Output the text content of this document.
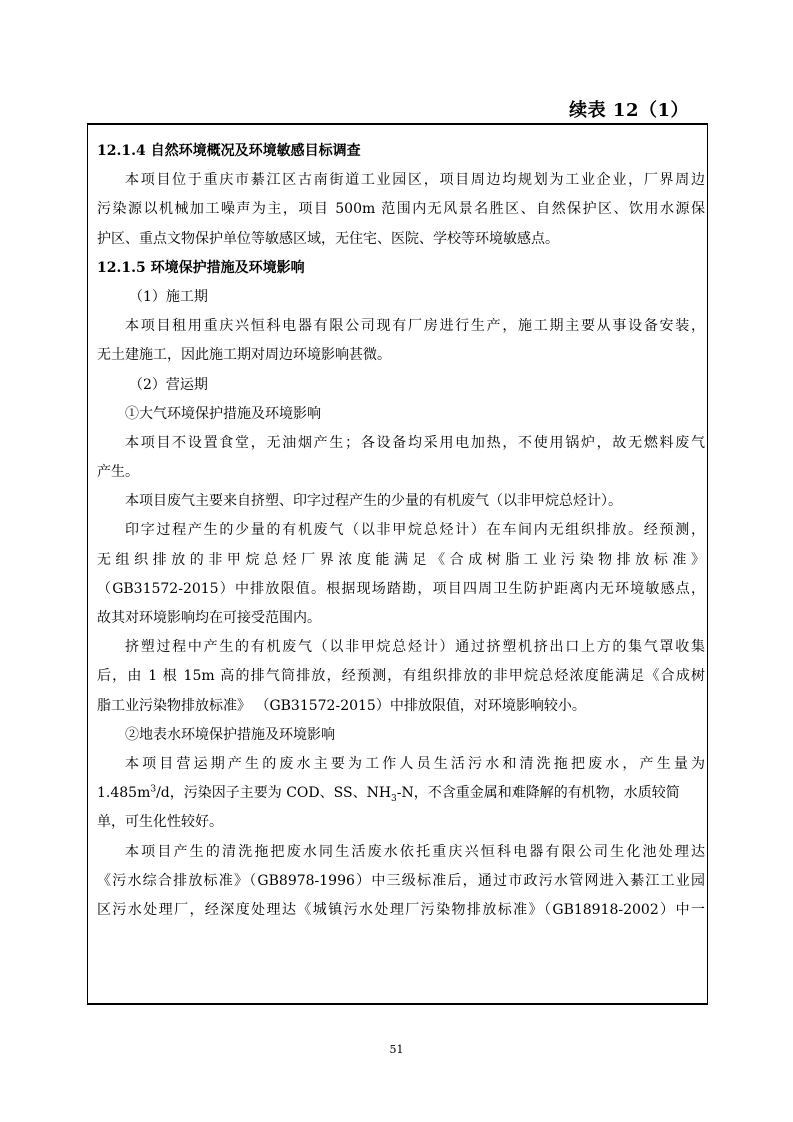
续表 12（1）
12.1.4 自然环境概况及环境敏感目标调查
本项目位于重庆市綦江区古南街道工业园区，项目周边均规划为工业企业，厂界周边
污染源以机械加工噪声为主，项目 500m 范围内无风景名胜区、自然保护区、饮用水源保
护区、重点文物保护单位等敏感区域，无住宅、医院、学校等环境敏感点。
12.1.5 环境保护措施及环境影响
（1）施工期
本项目租用重庆兴恒科电器有限公司现有厂房进行生产，施工期主要从事设备安装，
无土建施工，因此施工期对周边环境影响甚微。
（2）营运期
①大气环境保护措施及环境影响
本项目不设置食堂，无油烟产生；各设备均采用电加热，不使用锅炉，故无燃料废气
产生。
本项目废气主要来自挤塑、印字过程产生的少量的有机废气（以非甲烷总烃计）。
印字过程产生的少量的有机废气（以非甲烷总烃计）在车间内无组织排放。经预测，
无组织排放的非甲烷总烃厂界浓度能满足《合成树脂工业污染物排放标准》
（GB31572-2015）中排放限值。根据现场踏勘，项目四周卫生防护距离内无环境敏感点，
故其对环境影响均在可接受范围内。
挤塑过程中产生的有机废气（以非甲烷总烃计）通过挤塑机挤出口上方的集气罩收集
后，由 1 根 15m 高的排气筒排放，经预测，有组织排放的非甲烷总烃浓度能满足《合成树
脂工业污染物排放标准》 （GB31572-2015）中排放限值，对环境影响较小。
②地表水环境保护措施及环境影响
本项目营运期产生的废水主要为工作人员生活污水和清洗拖把废水，产生量为
$1.485m^3/d$，污染因子主要为 COD、SS、$NH_3-N$，不含重金属和难降解的有机物，水质较简
单，可生化性较好。
本项目产生的清洗拖把废水同生活废水依托重庆兴恒科电器有限公司生化池处理达
《污水综合排放标准》（GB8978-1996）中三级标准后，通过市政污水管网进入綦江工业园
区污水处理厂，经深度处理达《城镇污水处理厂污染物排放标准》（GB18918-2002）中一
51
